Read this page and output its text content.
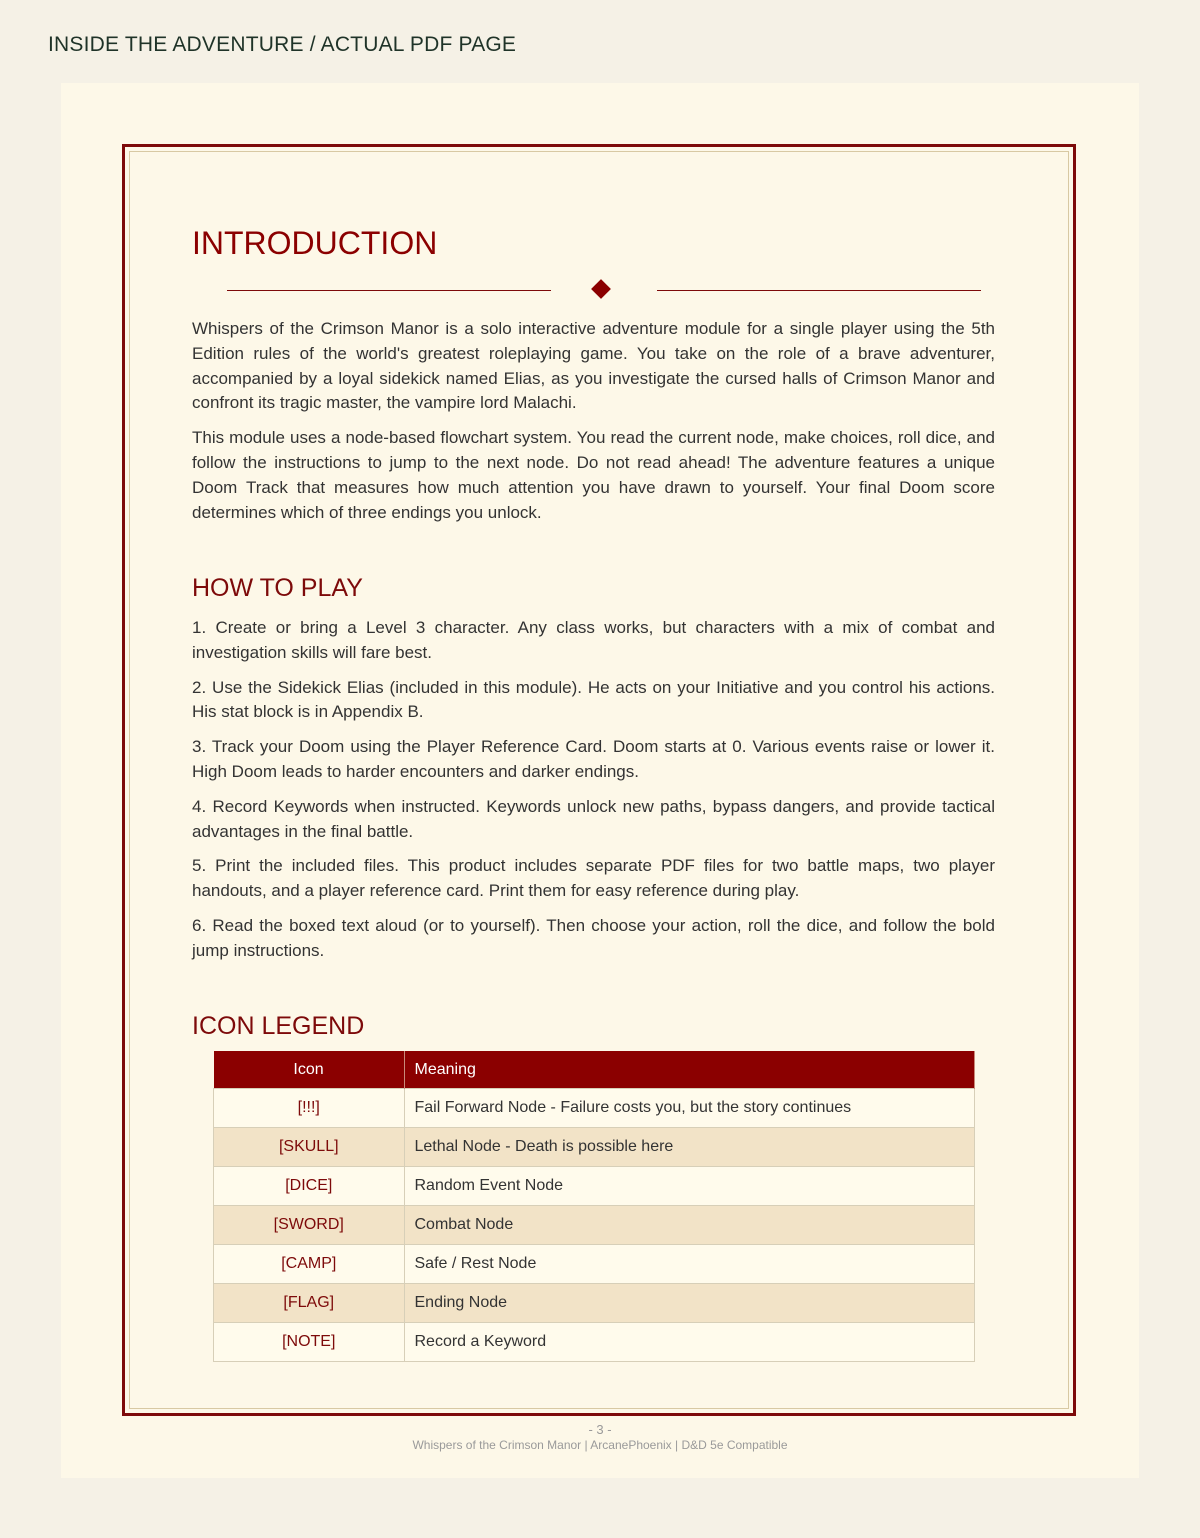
INSIDE THE ADVENTURE / ACTUAL PDF PAGE
INTRODUCTION

Whispers of the Crimson Manor is a solo interactive adventure module for a single player using the 5th Edition rules of the world's greatest roleplaying game. You take on the role of a brave adventurer, accompanied by a loyal sidekick named Elias, as you investigate the cursed halls of Crimson Manor and confront its tragic master, the vampire lord Malachi.

This module uses a node-based flowchart system. You read the current node, make choices, roll dice, and follow the instructions to jump to the next node. Do not read ahead! The adventure features a unique Doom Track that measures how much attention you have drawn to yourself. Your final Doom score determines which of three endings you unlock.

HOW TO PLAY

1. Create or bring a Level 3 character. Any class works, but characters with a mix of combat and investigation skills will fare best.

2. Use the Sidekick Elias (included in this module). He acts on your Initiative and you control his actions. His stat block is in Appendix B.

3. Track your Doom using the Player Reference Card. Doom starts at 0. Various events raise or lower it. High Doom leads to harder encounters and darker endings.

4. Record Keywords when instructed. Keywords unlock new paths, bypass dangers, and provide tactical advantages in the final battle.

5. Print the included files. This product includes separate PDF files for two battle maps, two player handouts, and a player reference card. Print them for easy reference during play.

6. Read the boxed text aloud (or to yourself). Then choose your action, roll the dice, and follow the bold jump instructions.

ICON LEGEND
Icon	Meaning
[!!!]	Fail Forward Node - Failure costs you, but the story continues
[SKULL]	Lethal Node - Death is possible here
[DICE]	Random Event Node
[SWORD]	Combat Node
[CAMP]	Safe / Rest Node
[FLAG]	Ending Node
[NOTE]	Record a Keyword
- 3 -
Whispers of the Crimson Manor | ArcanePhoenix | D&D 5e Compatible
